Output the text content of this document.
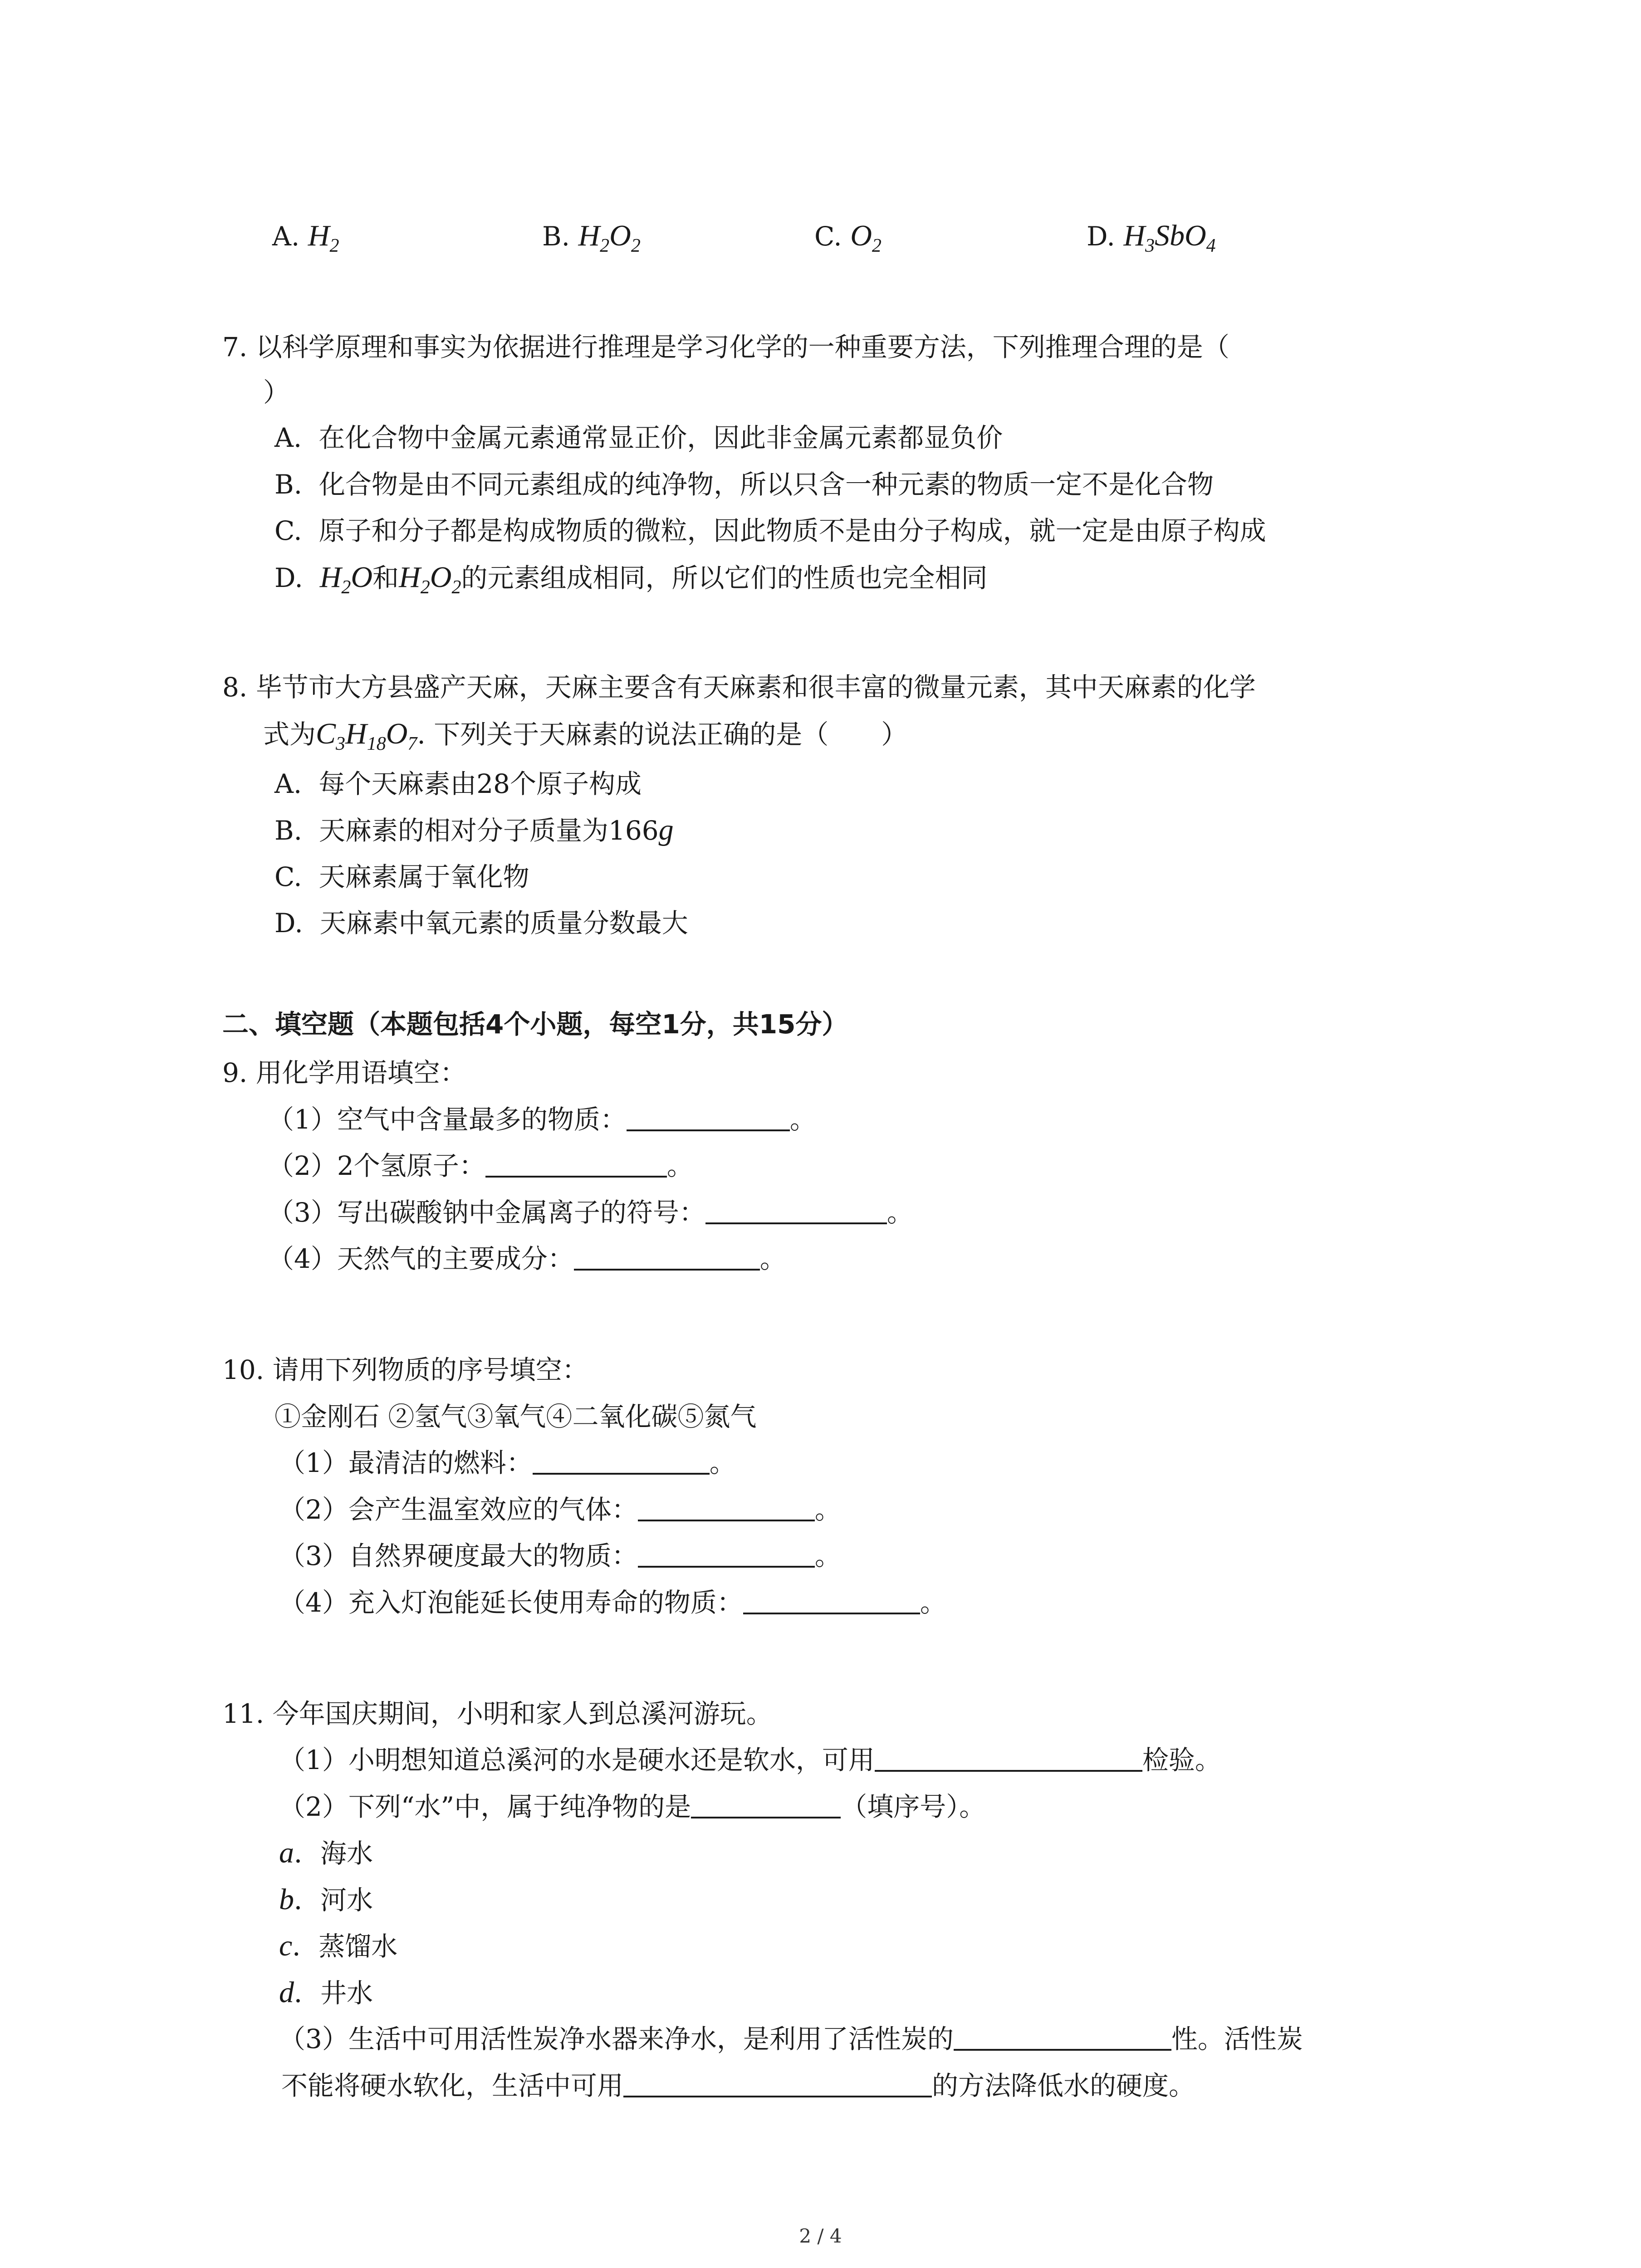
A. $H_2$	B. $H_2O_2$	C. $O_2$	D. $H_3SbO_4$
7. 以科学原理和事实为依据进行推理是学习化学的一种重要方法，下列推理合理的是（
）
A. 在化合物中金属元素通常显正价，因此非金属元素都显负价
B. 化合物是由不同元素组成的纯净物，所以只含一种元素的物质一定不是化合物
C. 原子和分子都是构成物质的微粒，因此物质不是由分子构成，就一定是由原子构成
D. $H_2O$和$H_2O_2$的元素组成相同，所以它们的性质也完全相同
8. 毕节市大方县盛产天麻，天麻主要含有天麻素和很丰富的微量元素，其中天麻素的化学
式为$C_3H_{18}O_7$. 下列关于天麻素的说法正确的是（　　）
A. 每个天麻素由28个原子构成
B. 天麻素的相对分子质量为166g
C. 天麻素属于氧化物
D. 天麻素中氧元素的质量分数最大
二、填空题（本题包括4个小题，每空1分，共15分）
9. 用化学用语填空：
（1）空气中含量最多的物质：	。
（2）2个氢原子：	。
（3）写出碳酸钠中金属离子的符号：	。
（4）天然气的主要成分：	。
10. 请用下列物质的序号填空：
①金刚石 ②氢气③氧气④二氧化碳⑤氮气
（1）最清洁的燃料：	。
（2）会产生温室效应的气体：	。
（3）自然界硬度最大的物质：	。
（4）充入灯泡能延长使用寿命的物质：	。
11. 今年国庆期间，小明和家人到总溪河游玩。
（1）小明想知道总溪河的水是硬水还是软水，可用	检验。
（2）下列“水”中，属于纯净物的是	（填序号）。
a．海水
b．河水
c．蒸馏水
d．井水
（3）生活中可用活性炭净水器来净水，是利用了活性炭的	性。活性炭
不能将硬水软化，生活中可用	的方法降低水的硬度。
2 / 4
